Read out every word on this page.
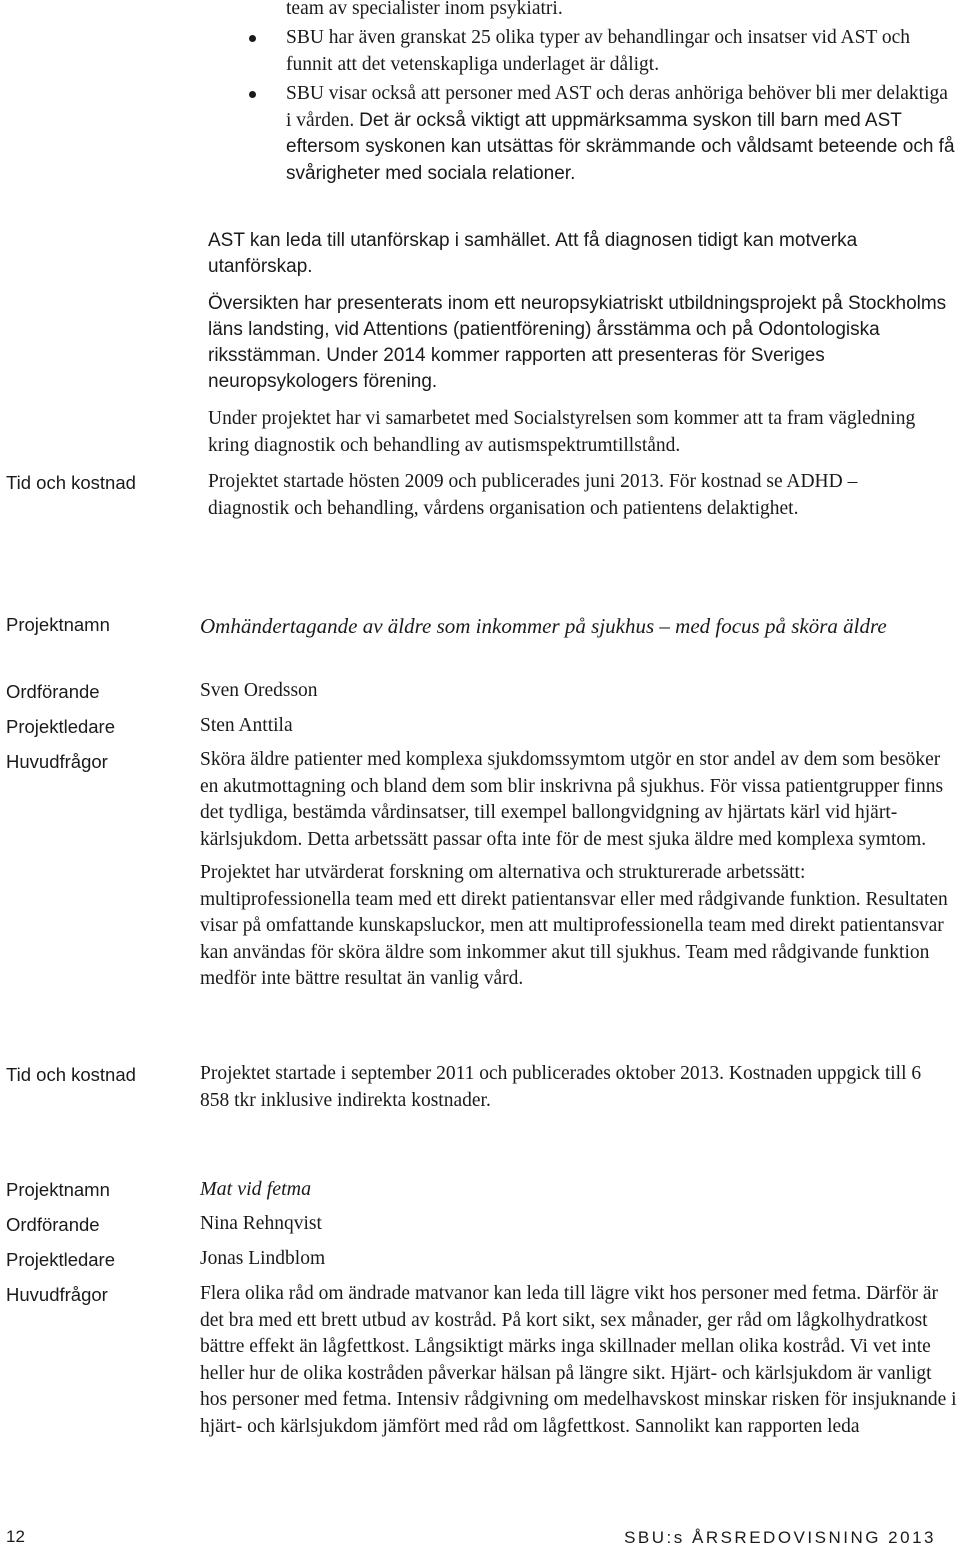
team av specialister inom psykiatri.
SBU har även granskat 25 olika typer av behandlingar och insatser vid AST och funnit att det vetenskapliga underlaget är dåligt.
SBU visar också att personer med AST och deras anhöriga behöver bli mer delaktiga i vården. Det är också viktigt att uppmärksamma syskon till barn med AST eftersom syskonen kan utsättas för skrämmande och våldsamt beteende och få svårigheter med sociala relationer.
AST kan leda till utanförskap i samhället. Att få diagnosen tidigt kan motverka utanförskap.
Översikten har presenterats inom ett neuropsykiatriskt utbildningsprojekt på Stockholms läns landsting, vid Attentions (patientförening) årsstämma och på Odontologiska riksstämman. Under 2014 kommer rapporten att presenteras för Sveriges neuropsykologers förening.
Under projektet har vi samarbetet med Socialstyrelsen som kommer att ta fram vägledning kring diagnostik och behandling av autismspektrumtillstånd.
Tid och kostnad	Projektet startade hösten 2009 och publicerades juni 2013. För kostnad se ADHD – diagnostik och behandling, vårdens organisation och patientens delaktighet.
Projektnamn	Omhändertagande av äldre som inkommer på sjukhus – med focus på sköra äldre
Ordförande	Sven Oredsson
Projektledare	Sten Anttila
Huvudfrågor	Sköra äldre patienter med komplexa sjukdomssymtom utgör en stor andel av dem som besöker en akutmottagning och bland dem som blir inskrivna på sjukhus. För vissa patientgrupper finns det tydliga, bestämda vårdinsatser, till exempel ballongvidgning av hjärtats kärl vid hjärt-kärlsjukdom. Detta arbetssätt passar ofta inte för de mest sjuka äldre med komplexa symtom.

Projektet har utvärderat forskning om alternativa och strukturerade arbetssätt: multiprofessionella team med ett direkt patientansvar eller med rådgivande funktion. Resultaten visar på omfattande kunskapsluckor, men att multiprofessionella team med direkt patientansvar kan användas för sköra äldre som inkommer akut till sjukhus. Team med rådgivande funktion medför inte bättre resultat än vanlig vård.

Tid och kostnad	Projektet startade i september 2011 och publicerades oktober 2013. Kostnaden uppgick till 6 858 tkr inklusive indirekta kostnader.
Projektnamn	Mat vid fetma
Ordförande	Nina Rehnqvist
Projektledare	Jonas Lindblom
Huvudfrågor	Flera olika råd om ändrade matvanor kan leda till lägre vikt hos personer med fetma. Därför är det bra med ett brett utbud av kostråd. På kort sikt, sex månader, ger råd om lågkolhydratkost bättre effekt än lågfettkost. Långsiktigt märks inga skillnader mellan olika kostråd. Vi vet inte heller hur de olika kostråden påverkar hälsan på längre sikt. Hjärt- och kärlsjukdom är vanligt hos personer med fetma. Intensiv rådgivning om medelhavskost minskar risken för insjuknande i hjärt- och kärlsjukdom jämfört med råd om lågfettkost. Sannolikt kan rapporten leda
12	SBU:s ÅRSREDOVISNING 2013
